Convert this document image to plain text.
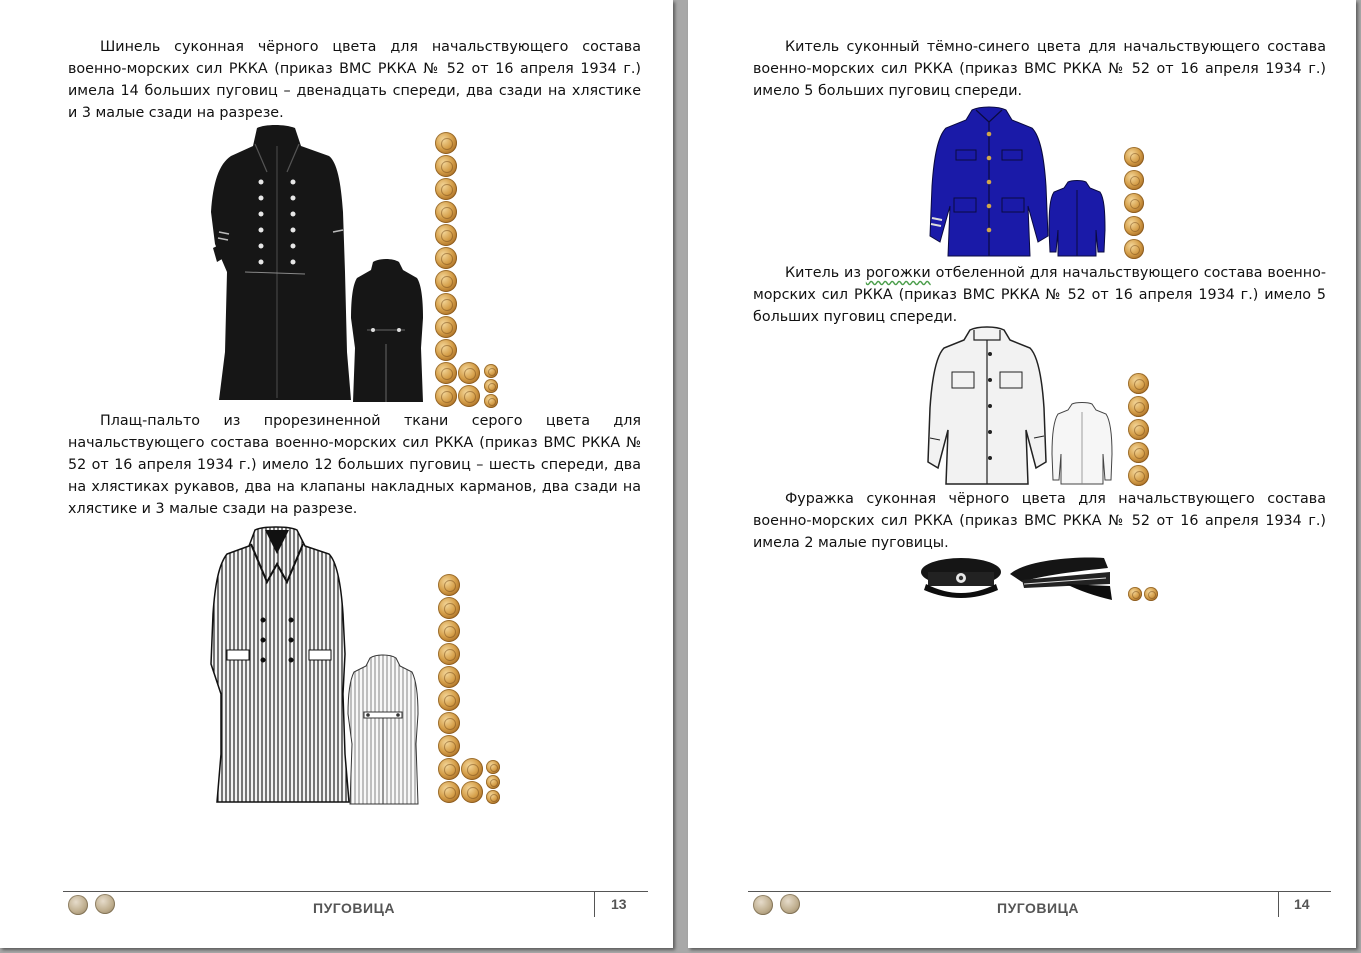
Шинель суконная чёрного цвета для начальствующего состава военно-морских сил РККА (приказ ВМС РККА № 52 от 16 апреля 1934 г.) имела 14 больших пуговиц – двенадцать спереди, два сзади на хлястике и 3 малые сзади на разрезе.

Плащ-пальто из прорезиненной ткани серого цвета для начальствующего состава военно-морских сил РККА (приказ ВМС РККА № 52 от 16 апреля 1934 г.) имело 12 больших пуговиц – шесть спереди, два на хлястиках рукавов, два на клапаны накладных карманов, два сзади на хлястике и 3 малые сзади на разрезе.

ПУГОВИЦА	13

Китель суконный тёмно-синего цвета для начальствующего состава военно-морских сил РККА (приказ ВМС РККА № 52 от 16 апреля 1934 г.) имело 5 больших пуговиц спереди.

Китель из рогожки отбеленной для начальствующего состава военно-морских сил РККА (приказ ВМС РККА № 52 от 16 апреля 1934 г.) имело 5 больших пуговиц спереди.

Фуражка суконная чёрного цвета для начальствующего состава военно-морских сил РККА (приказ ВМС РККА № 52 от 16 апреля 1934 г.) имела 2 малые пуговицы.

ПУГОВИЦА	14
